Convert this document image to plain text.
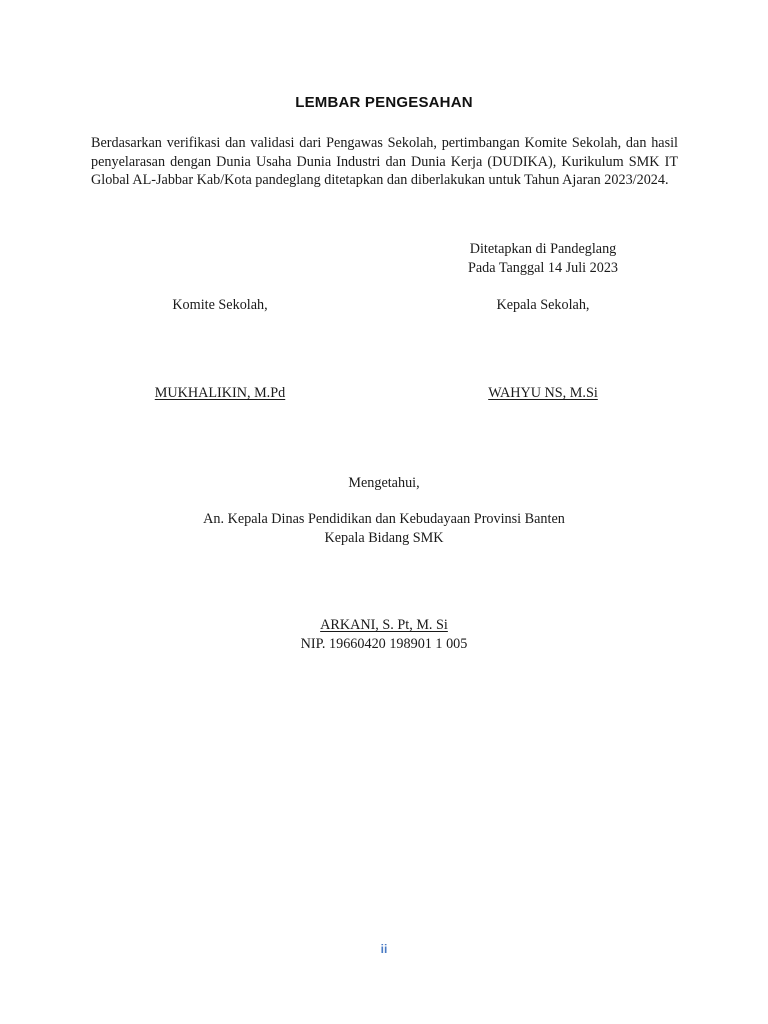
LEMBAR PENGESAHAN
Berdasarkan verifikasi dan validasi dari Pengawas Sekolah, pertimbangan Komite Sekolah, dan hasil penyelarasan dengan Dunia Usaha Dunia Industri dan Dunia Kerja (DUDIKA), Kurikulum SMK IT Global AL-Jabbar Kab/Kota pandeglang ditetapkan dan diberlakukan untuk Tahun Ajaran 2023/2024.
Ditetapkan di Pandeglang
Pada Tanggal 14 Juli 2023
Komite Sekolah,	Kepala Sekolah,
MUKHALIKIN, M.Pd	WAHYU NS, M.Si
Mengetahui,
An. Kepala Dinas Pendidikan dan Kebudayaan Provinsi Banten
Kepala Bidang SMK
ARKANI, S. Pt, M. Si
NIP. 19660420 198901 1 005
ii
